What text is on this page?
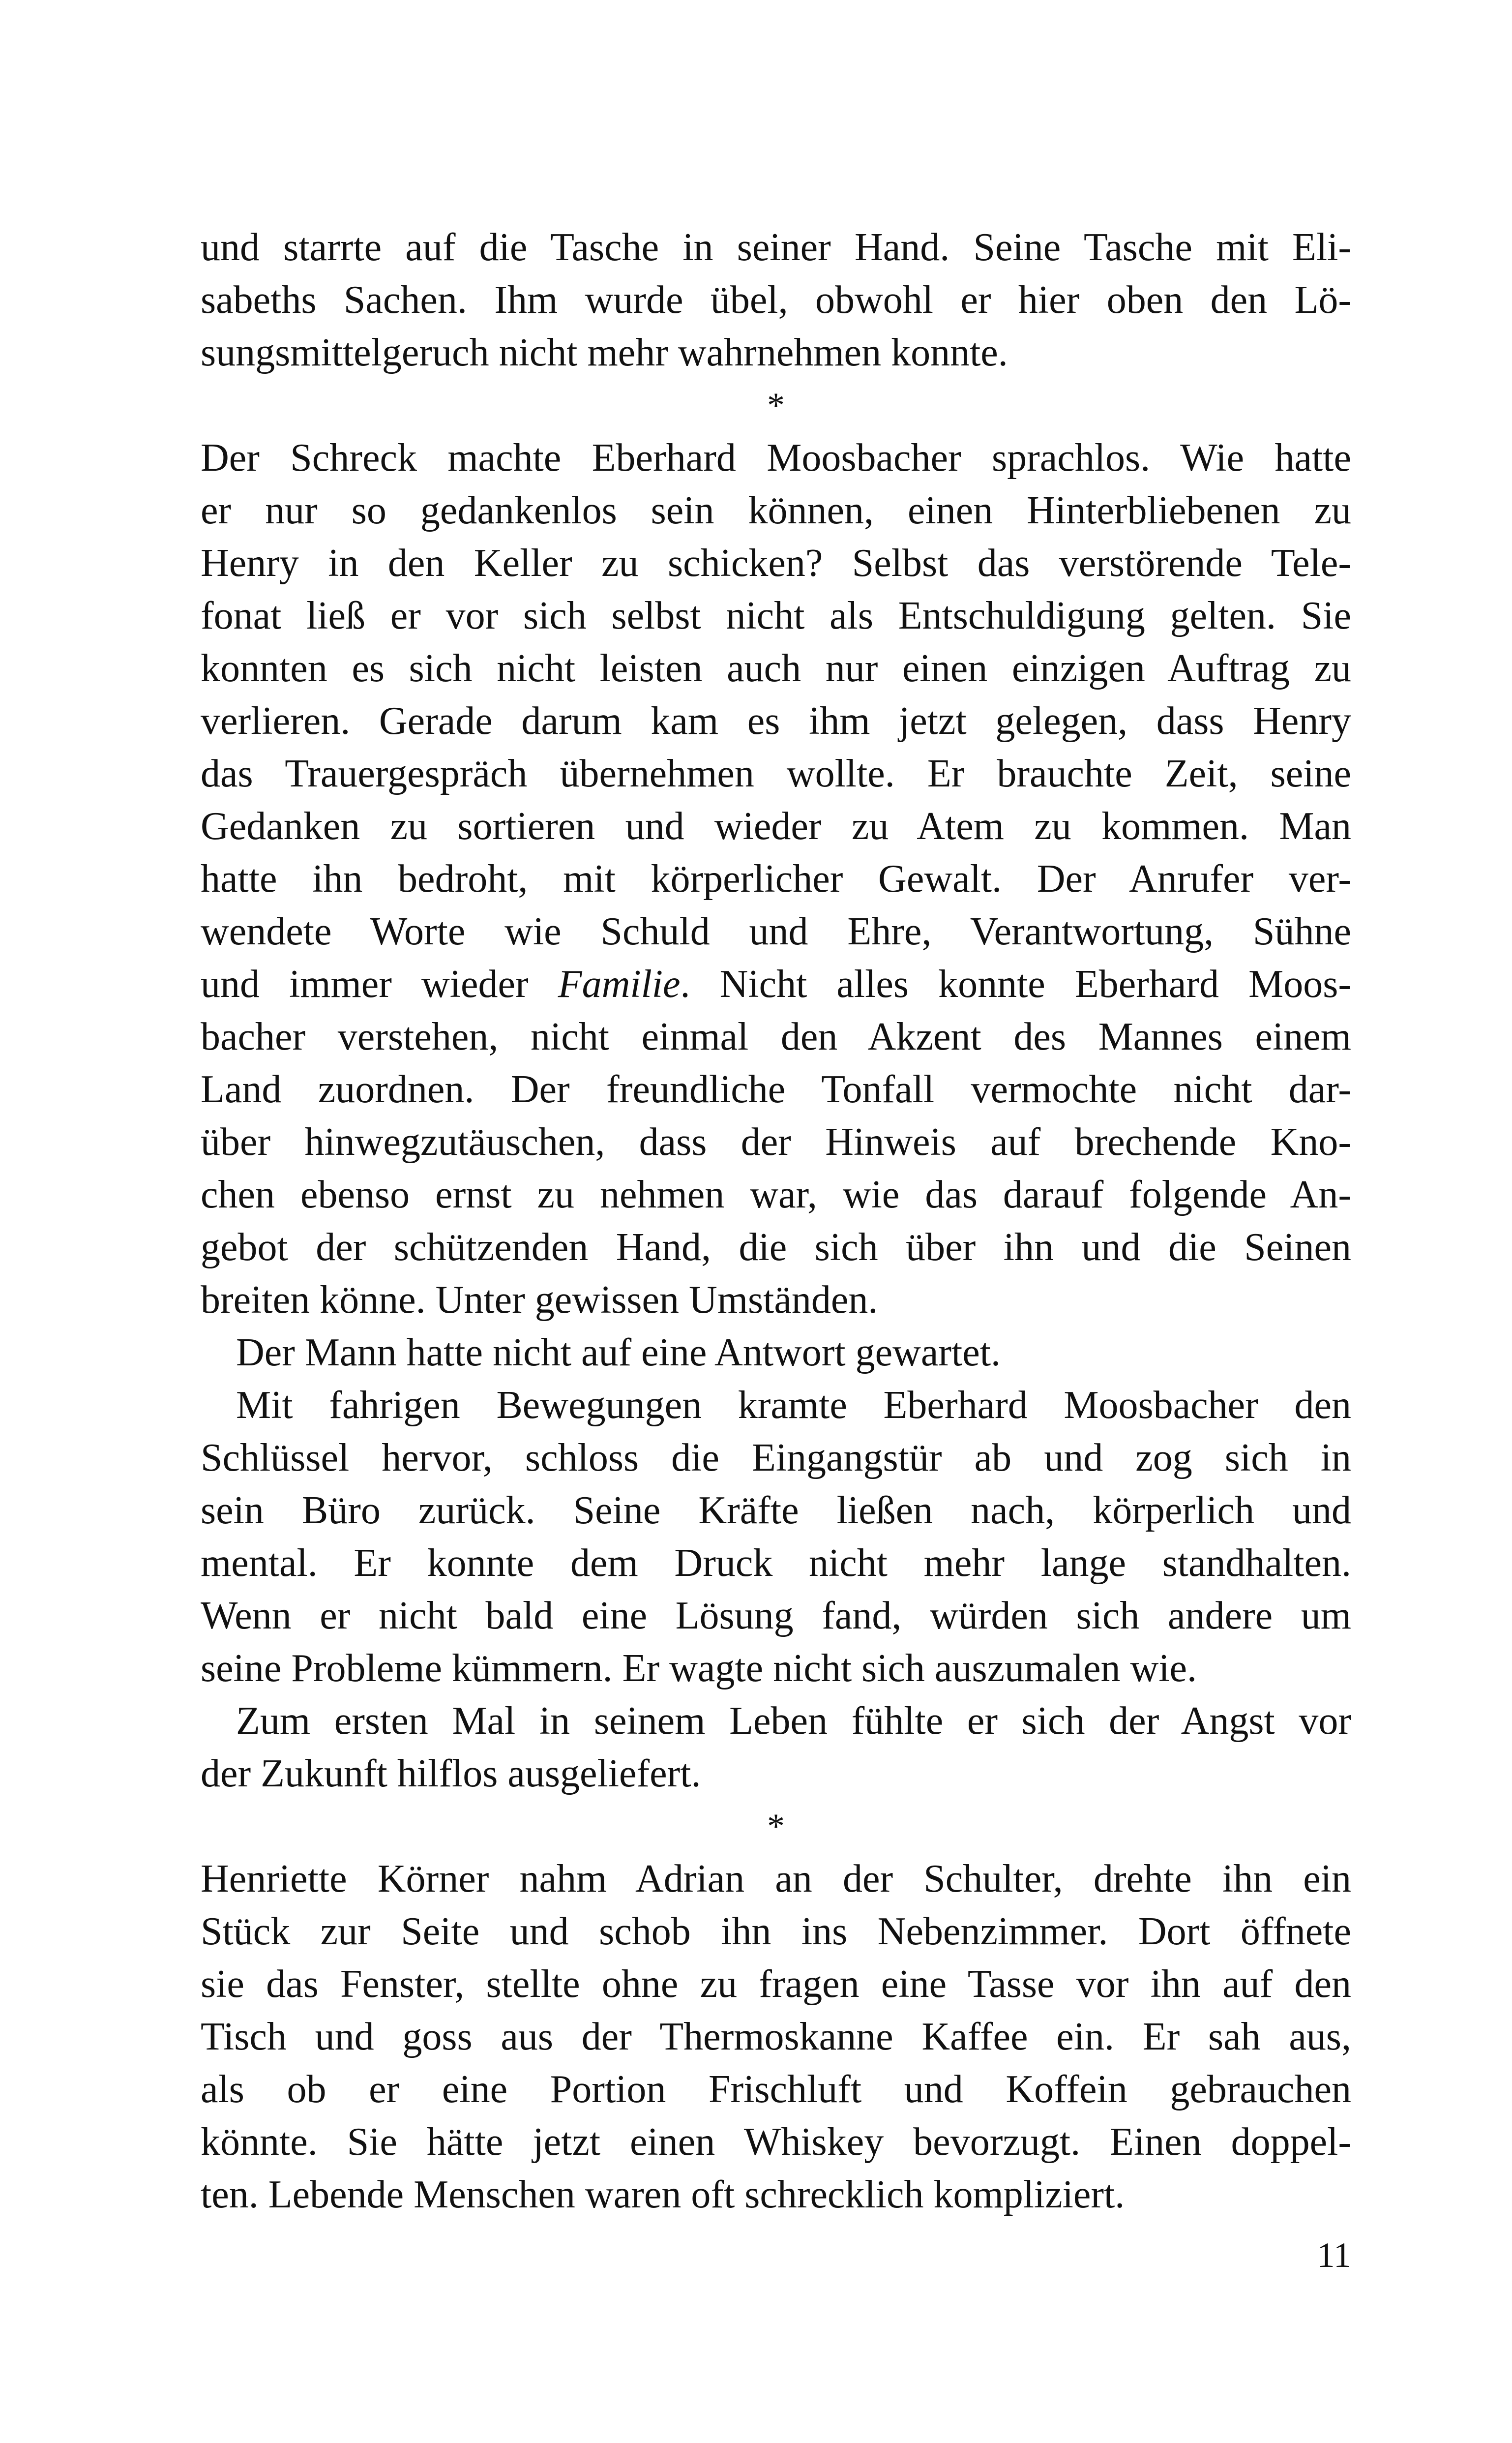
und starrte auf die Tasche in seiner Hand. Seine Tasche mit Eli-
sabeths Sachen. Ihm wurde übel, obwohl er hier oben den Lö-
sungsmittelgeruch nicht mehr wahrnehmen konnte.
*
Der Schreck machte Eberhard Moosbacher sprachlos. Wie hatte
er nur so gedankenlos sein können, einen Hinterbliebenen zu
Henry in den Keller zu schicken? Selbst das verstörende Tele-
fonat ließ er vor sich selbst nicht als Entschuldigung gelten. Sie
konnten es sich nicht leisten auch nur einen einzigen Auftrag zu
verlieren. Gerade darum kam es ihm jetzt gelegen, dass Henry
das Trauergespräch übernehmen wollte. Er brauchte Zeit, seine
Gedanken zu sortieren und wieder zu Atem zu kommen. Man
hatte ihn bedroht, mit körperlicher Gewalt. Der Anrufer ver-
wendete Worte wie Schuld und Ehre, Verantwortung, Sühne
und immer wieder Familie. Nicht alles konnte Eberhard Moos-
bacher verstehen, nicht einmal den Akzent des Mannes einem
Land zuordnen. Der freundliche Tonfall vermochte nicht dar-
über hinwegzutäuschen, dass der Hinweis auf brechende Kno-
chen ebenso ernst zu nehmen war, wie das darauf folgende An-
gebot der schützenden Hand, die sich über ihn und die Seinen
breiten könne. Unter gewissen Umständen.
Der Mann hatte nicht auf eine Antwort gewartet.
Mit fahrigen Bewegungen kramte Eberhard Moosbacher den
Schlüssel hervor, schloss die Eingangstür ab und zog sich in
sein Büro zurück. Seine Kräfte ließen nach, körperlich und
mental. Er konnte dem Druck nicht mehr lange standhalten.
Wenn er nicht bald eine Lösung fand, würden sich andere um
seine Probleme kümmern. Er wagte nicht sich auszumalen wie.
Zum ersten Mal in seinem Leben fühlte er sich der Angst vor
der Zukunft hilflos ausgeliefert.
*
Henriette Körner nahm Adrian an der Schulter, drehte ihn ein
Stück zur Seite und schob ihn ins Nebenzimmer. Dort öffnete
sie das Fenster, stellte ohne zu fragen eine Tasse vor ihn auf den
Tisch und goss aus der Thermoskanne Kaffee ein. Er sah aus,
als ob er eine Portion Frischluft und Koffein gebrauchen
könnte. Sie hätte jetzt einen Whiskey bevorzugt. Einen doppel-
ten. Lebende Menschen waren oft schrecklich kompliziert.
11
